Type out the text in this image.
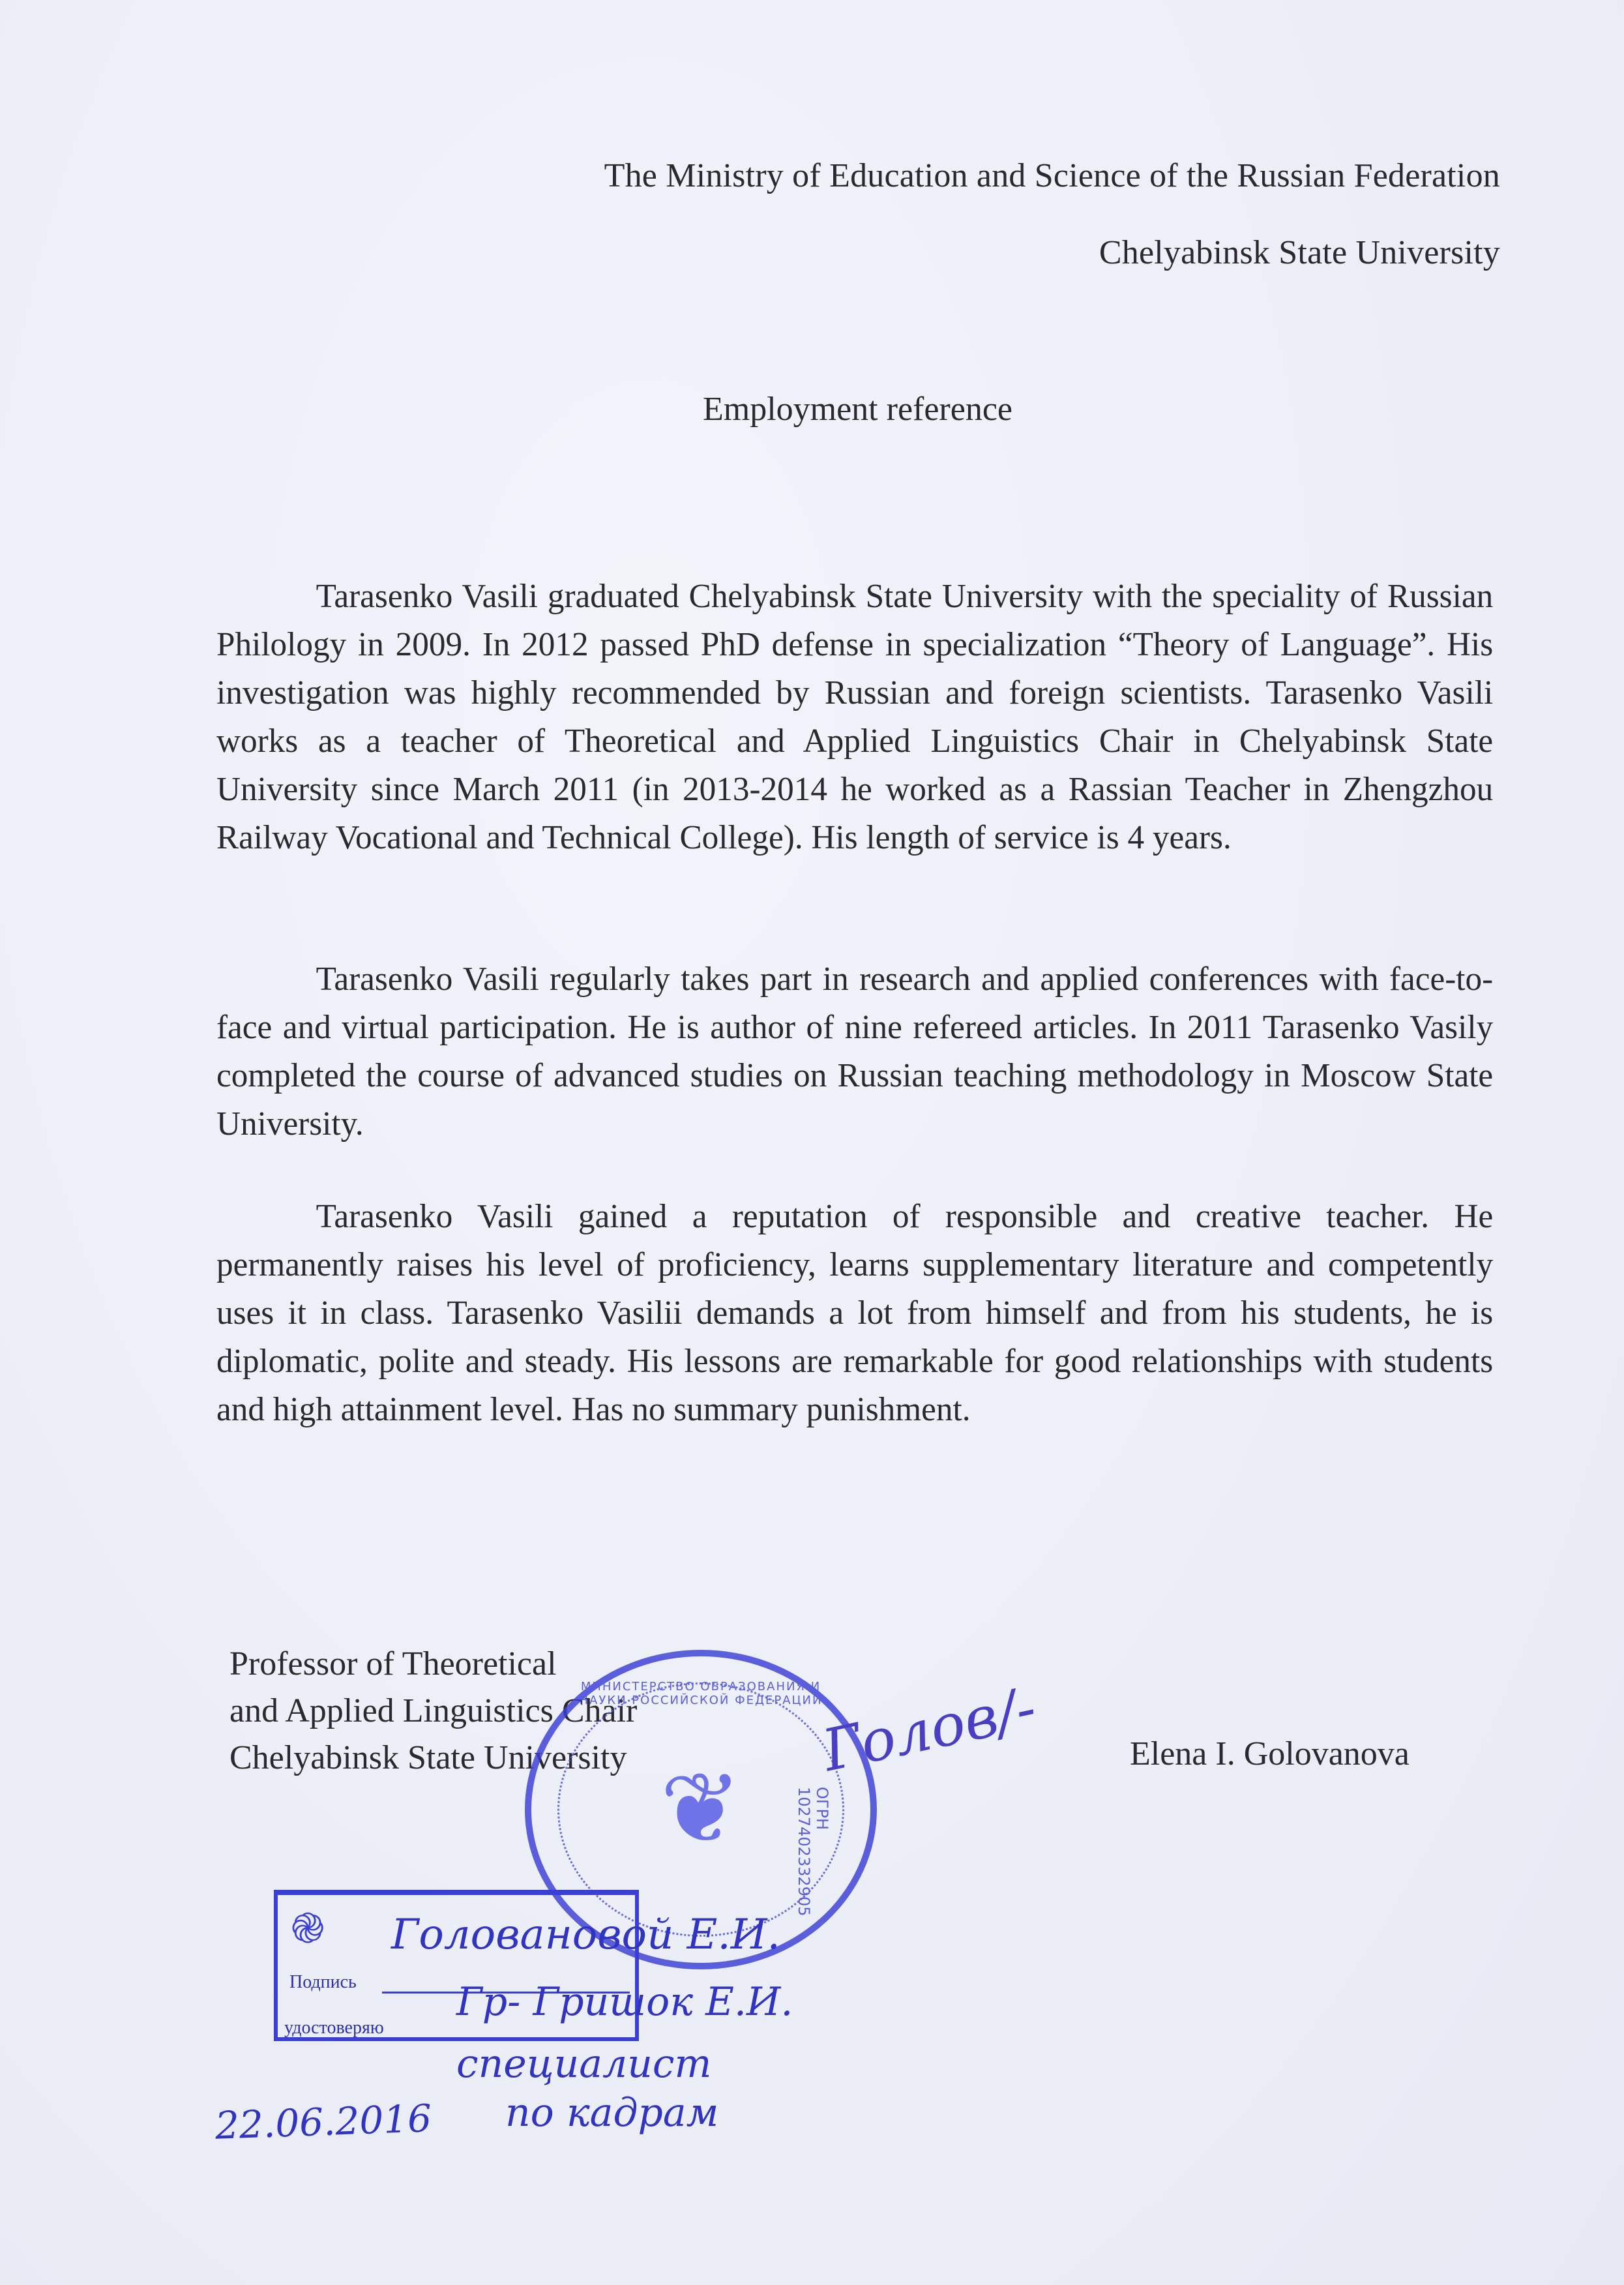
The Ministry of Education and Science of the Russian Federation
Chelyabinsk State University
Employment reference

Tarasenko Vasili graduated Chelyabinsk State University with the speciality of Russian Philology in 2009. In 2012 passed PhD defense in specialization “Theory of Language”. His investigation was highly recommended by Russian and foreign scientists. Tarasenko Vasili works as a teacher of Theoretical and Applied Linguistics Chair in Chelyabinsk State University since March 2011 (in 2013-2014 he worked as a Rassian Teacher in Zhengzhou Railway Vocational and Technical College). His length of service is 4 years.

Tarasenko Vasili regularly takes part in research and applied conferences with face-to-face and virtual participation. He is author of nine refereed articles. In 2011 Tarasenko Vasily completed the course of advanced studies on Russian teaching methodology in Moscow State University.

Tarasenko Vasili gained a reputation of responsible and creative teacher. He permanently raises his level of proficiency, learns supplementary literature and competently uses it in class. Tarasenko Vasilii demands a lot from himself and from his students, he is diplomatic, polite and steady. His lessons are remarkable for good relationships with students and high attainment level. Has no summary punishment.

Professor of Theoretical
and Applied Linguistics Chair
Chelyabinsk State University
МИНИСТЕРСТВО ОБРАЗОВАНИЯ И НАУКИ РОССИЙСКОЙ ФЕДЕРАЦИИ
❦	ОГРН 1027402332905
Голов/-	Elena I. Golovanova
֎
Подпись
удостоверяю
Головановой Е.И.
Гр- Гришок Е.И.
специалист
по кадрам
22.06.2016
